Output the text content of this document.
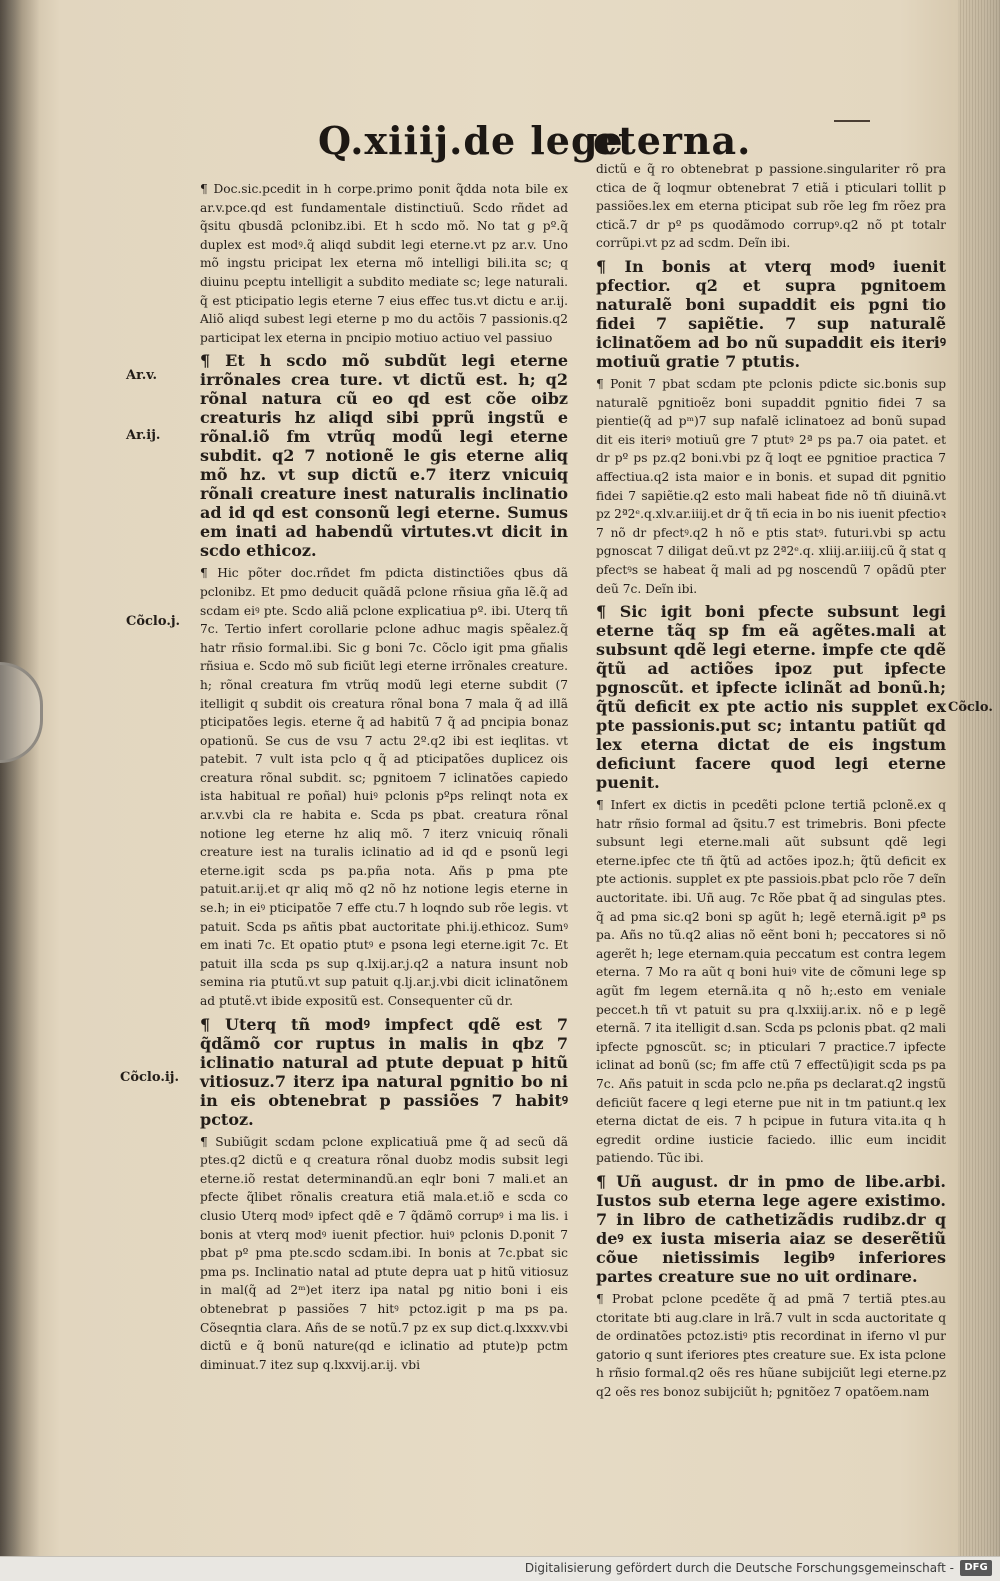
Q.xiiij.de lege
eterna.
Ar.v.
Ar.ij.
Cõclo.j.
Cõclo.ij.
Cõclo.

¶ Doc.sic.pcedit in h corpe.primo ponit q̃dda nota bile ex ar.v.pce.qd est fundamentale distinctiuũ. Scdo rñdet ad q̃situ qbusdã pclonibz.ibi. Et h scdo mõ. No tat g pº.q̃ duplex est modꝰ.q̃ aliqd subdit legi eterne.vt pz ar.v. Uno mõ ingstu pricipat lex eterna mõ intelligi bili.ita sc; q diuinu pceptu intelligit a subdito mediate sc; lege naturali. q̃ est pticipatio legis eterne 7 eius effec tus.vt dictu e ar.ij. Aliõ aliqd subest legi eterne p mo du actõis 7 passionis.q2 participat lex eterna in pncipio motiuo actiuo vel passiuo

¶ Et h scdo mõ subdũt legi eterne irrõnales crea ture. vt dictũ est. h; q2 rõnal natura cũ eo qd est cõe oibz creaturis hz aliqd sibi pprũ ingstũ e rõnal.iõ fm vtrũq modũ legi eterne subdit. q2 7 notionẽ le gis eterne aliq mõ hz. vt sup dictũ e.7 iterz vnicuiq rõnali creature inest naturalis inclinatio ad id qd est consonũ legi eterne. Sumus em inati ad habendũ virtutes.vt dicit in scdo ethicoz.

¶ Hic põter doc.rñdet fm pdicta distinctiões qbus dã pclonibz. Et pmo deducit quãdã pclone rñsiua gña lẽ.q̃ ad scdam eiꝰ pte. Scdo aliã pclone explicatiua pº. ibi. Uterq tñ 7c. Tertio infert corollarie pclone adhuc magis spẽalez.q̃ hatr rñsio formal.ibi. Sic g boni 7c. Cõclo igit pma gñalis rñsiua e. Scdo mõ sub ficiũt legi eterne irrõnales creature. h; rõnal creatura fm vtrũq modũ legi eterne subdit (7 itelligit q subdit ois creatura rõnal bona 7 mala q̃ ad illã pticipatões legis. eterne q̃ ad habitũ 7 q̃ ad pncipia bonaz opationũ. Se cus de vsu 7 actu 2º.q2 ibi est ieqlitas. vt patebit. 7 vult ista pclo q q̃ ad pticipatões duplicez ois creatura rõnal subdit. sc; pgnitoem 7 iclinatões capiedo ista habitual re poñal) huiꝰ pclonis pºps relinqt nota ex ar.v.vbi cla re habita e. Scda ps pbat. creatura rõnal notione leg eterne hz aliq mõ. 7 iterz vnicuiq rõnali creature iest na turalis iclinatio ad id qd e psonũ legi eterne.igit scda ps pa.pña nota. Añs p pma pte patuit.ar.ij.et qr aliq mõ q2 nõ hz notione legis eterne in se.h; in eiꝰ pticipatõe 7 effe ctu.7 h loqndo sub rõe legis. vt patuit. Scda ps añtis pbat auctoritate phi.ij.ethicoz. Sumꝰ em inati 7c. Et opatio ptutꝰ e psona legi eterne.igit 7c. Et patuit illa scda ps sup q.lxij.ar.j.q2 a natura insunt nob semina ria ptutũ.vt sup patuit q.lj.ar.j.vbi dicit iclinatõnem ad ptutẽ.vt ibide expositũ est. Consequenter cũ dr.

¶ Uterq tñ modꝰ impfect qdẽ est 7 q̃dãmõ cor ruptus in malis in qbz 7 iclinatio natural ad ptute depuat p hitũ vitiosuz.7 iterz ipa natural pgnitio bo ni in eis obtenebrat p passiões 7 habitꝰ pctoz.

¶ Subiũgit scdam pclone explicatiuã pme q̃ ad secũ dã ptes.q2 dictũ e q creatura rõnal duobz modis subsit legi eterne.iõ restat determinandũ.an eqlr boni 7 mali.et an pfecte q̃libet rõnalis creatura etiã mala.et.iõ e scda co clusio Uterq modꝰ ipfect qdẽ e 7 q̃dãmõ corrupꝰ i ma lis. i bonis at vterq modꝰ iuenit pfectior. huiꝰ pclonis D.ponit 7 pbat pº pma pte.scdo scdam.ibi. In bonis at 7c.pbat sic pma ps. Inclinatio natal ad ptute depra uat p hitũ vitiosuz in mal(q̃ ad 2ᵐ)et iterz ipa natal pg nitio boni i eis obtenebrat p passiões 7 hitꝰ pctoz.igit p ma ps pa. Cõseqntia clara. Añs de se notũ.7 pz ex sup dict.q.lxxxv.vbi dictũ e q̃ bonũ nature(qd e iclinatio ad ptute)p pctm diminuat.7 itez sup q.lxxvij.ar.ij. vbi

dictũ e q̃ ro obtenebrat p passione.singulariter rõ pra ctica de q̃ loqmur obtenebrat 7 etiã i pticulari tollit p passiões.lex em eterna pticipat sub rõe leg fm rõez pra cticã.7 dr pº ps quodãmodo corrupꝰ.q2 nõ pt totalr corrũpi.vt pz ad scdm. Deĩn ibi.

¶ In bonis at vterq modꝰ iuenit pfectior. q2 et supra pgnitoem naturalẽ boni supaddit eis pgni tio fidei 7 sapiẽtie. 7 sup naturalẽ iclinatõem ad bo nũ supaddit eis iteriꝰ motiuũ gratie 7 ptutis.

¶ Ponit 7 pbat scdam pte pclonis pdicte sic.bonis sup naturalẽ pgnitioẽz boni supaddit pgnitio fidei 7 sa pientie(q̃ ad pᵐ)7 sup nafalẽ iclinatoez ad bonũ supad dit eis iteriꝰ motiuũ gre 7 ptutꝰ 2ª ps pa.7 oia patet. et dr pº ps pz.q2 boni.vbi pz q̃ loqt ee pgnitioe practica 7 affectiua.q2 ista maior e in bonis. et supad dit pgnitio fidei 7 sapiẽtie.q2 esto mali habeat fide nõ tñ diuinã.vt pz 2ª2ᵉ.q.xlv.ar.iiij.et dr q̃ tñ ecia in bo nis iuenit pfectioꝛ 7 nõ dr pfectꝰ.q2 h nõ e ptis statꝰ. futuri.vbi sp actu pgnoscat 7 diligat deũ.vt pz 2ª2ᵉ.q. xliij.ar.iiij.cũ q̃ stat q pfectꝰs se habeat q̃ mali ad pg noscendũ 7 opãdũ pter deũ 7c. Deĩn ibi.

¶ Sic igit boni pfecte subsunt legi eterne tãq sp fm eã agẽtes.mali at subsunt qdẽ legi eterne. impfe cte qdẽ q̃tũ ad actiões ipoz put ipfecte pgnoscũt. et ipfecte iclinãt ad bonũ.h; q̃tũ deficit ex pte actio nis supplet ex pte passionis.put sc; intantu patiũt qd lex eterna dictat de eis ingstum deficiunt facere quod legi eterne puenit.

¶ Infert ex dictis in pcedẽti pclone tertiã pclonẽ.ex q hatr rñsio formal ad q̃situ.7 est trimebris. Boni pfecte subsunt legi eterne.mali aũt subsunt qdẽ legi eterne.ipfec cte tñ q̃tũ ad actões ipoz.h; q̃tũ deficit ex pte actionis. supplet ex pte passiois.pbat pclo rõe 7 deĩn auctoritate. ibi. Uñ aug. 7c Rõe pbat q̃ ad singulas ptes. q̃ ad pma sic.q2 boni sp agũt h; legẽ eternã.igit pª ps pa. Añs no tũ.q2 alias nõ eẽnt boni h; peccatores si nõ agerẽt h; lege eternam.quia peccatum est contra legem eterna. 7 Mo ra aũt q boni huiꝰ vite de cõmuni lege sp agũt fm legem eternã.ita q nõ h;.esto em veniale peccet.h tñ vt patuit su pra q.lxxiij.ar.ix. nõ e p legẽ eternã. 7 ita itelligit d.san. Scda ps pclonis pbat. q2 mali ipfecte pgnoscũt. sc; in pticulari 7 practice.7 ipfecte iclinat ad bonũ (sc; fm affe ctũ 7 effectũ)igit scda ps pa 7c. Añs patuit in scda pclo ne.pña ps declarat.q2 ingstũ deficiũt facere q legi eterne pue nit in tm patiunt.q lex eterna dictat de eis. 7 h pcipue in futura vita.ita q h egredit ordine iusticie faciedo. illic eum incidit patiendo. Tũc ibi.

¶ Uñ august. dr in pmo de libe.arbi. Iustos sub eterna lege agere existimo. 7 in libro de cathetizãdis rudibz.dr q deꝰ ex iusta miseria aiaz se deserẽtiũ cõue nietissimis legibꝰ inferiores partes creature sue no uit ordinare.

¶ Probat pclone pcedẽte q̃ ad pmã 7 tertiã ptes.au ctoritate bti aug.clare in lrã.7 vult in scda auctoritate q de ordinatões pctoz.istiꝰ ptis recordinat in iferno vl pur gatorio q sunt iferiores ptes creature sue. Ex ista pclone h rñsio formal.q2 oẽs res hũane subijciũt legi eterne.pz q2 oẽs res bonoz subijciũt h; pgnitõez 7 opatõem.nam

Digitalisierung gefördert durch die Deutsche Forschungsgemeinschaft -	DFG
